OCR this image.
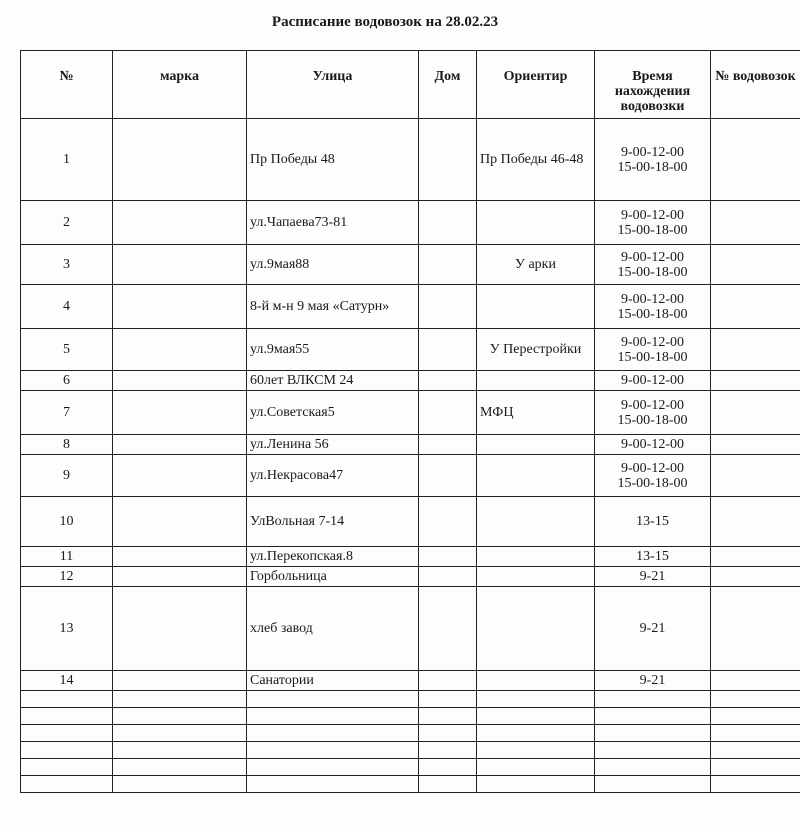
Расписание водовозок на 28.02.23
№	марка	Улица	Дом	Ориентир	Время нахождения водовозки	№ водовозок
1		Пр Победы 48		Пр Победы 46-48	9-00-12-00
15-00-18-00	

2		ул.Чапаева73-81			9-00-12-00
15-00-18-00	

3		ул.9мая88		У арки	9-00-12-00
15-00-18-00	

4		8-й м-н 9 мая «Сатурн»			9-00-12-00
15-00-18-00	

5		ул.9мая55		У Перестройки	9-00-12-00
15-00-18-00	

6		60лет ВЛКСМ 24			9-00-12-00	
7		ул.Советская5		МФЦ	9-00-12-00
15-00-18-00	

8		ул.Ленина 56			9-00-12-00	
9		ул.Некрасова47			9-00-12-00
15-00-18-00	

10		УлВольная 7-14			13-15	
11		ул.Перекопская.8			13-15	
12		Горбольница			9-21	
13		хлеб завод			9-21	
14		Санатории			9-21	
